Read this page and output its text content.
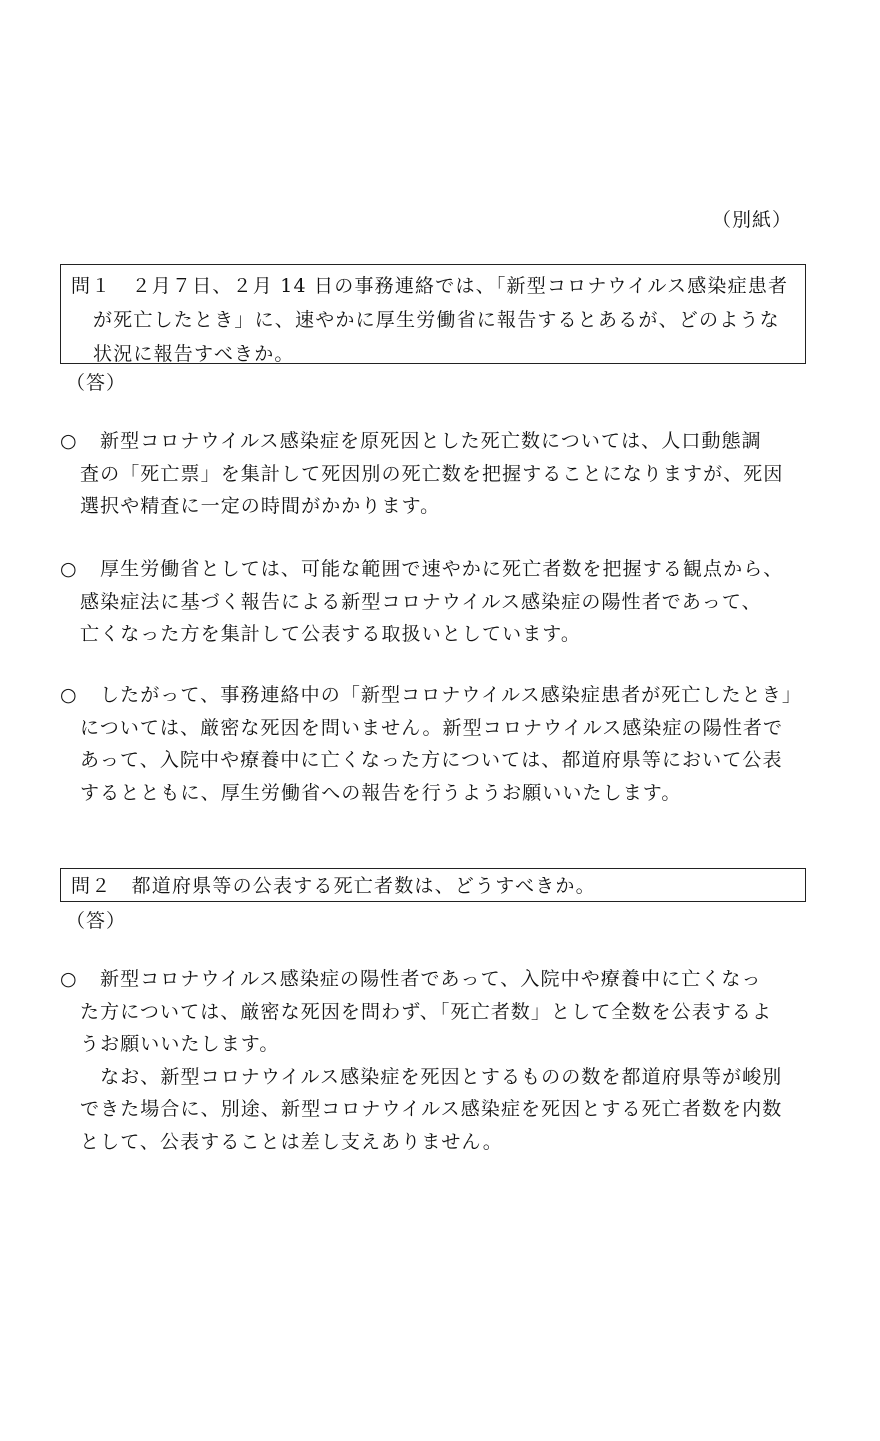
（別紙）
問１　２月７日、２月 14 日の事務連絡では、「新型コロナウイルス感染症患者
が死亡したとき」に、速やかに厚生労働省に報告するとあるが、どのような
状況に報告すべきか。
（答）
○ 新型コロナウイルス感染症を原死因とした死亡数については、人口動態調
査の「死亡票」を集計して死因別の死亡数を把握することになりますが、死因
選択や精査に一定の時間がかかります。
○ 厚生労働省としては、可能な範囲で速やかに死亡者数を把握する観点から、
感染症法に基づく報告による新型コロナウイルス感染症の陽性者であって、
亡くなった方を集計して公表する取扱いとしています。
○ したがって、事務連絡中の「新型コロナウイルス感染症患者が死亡したとき」
については、厳密な死因を問いません。新型コロナウイルス感染症の陽性者で
あって、入院中や療養中に亡くなった方については、都道府県等において公表
するとともに、厚生労働省への報告を行うようお願いいたします。
問２　都道府県等の公表する死亡者数は、どうすべきか。
（答）
○ 新型コロナウイルス感染症の陽性者であって、入院中や療養中に亡くなっ
た方については、厳密な死因を問わず、「死亡者数」として全数を公表するよ
うお願いいたします。
　なお、新型コロナウイルス感染症を死因とするものの数を都道府県等が峻別
できた場合に、別途、新型コロナウイルス感染症を死因とする死亡者数を内数
として、公表することは差し支えありません。
